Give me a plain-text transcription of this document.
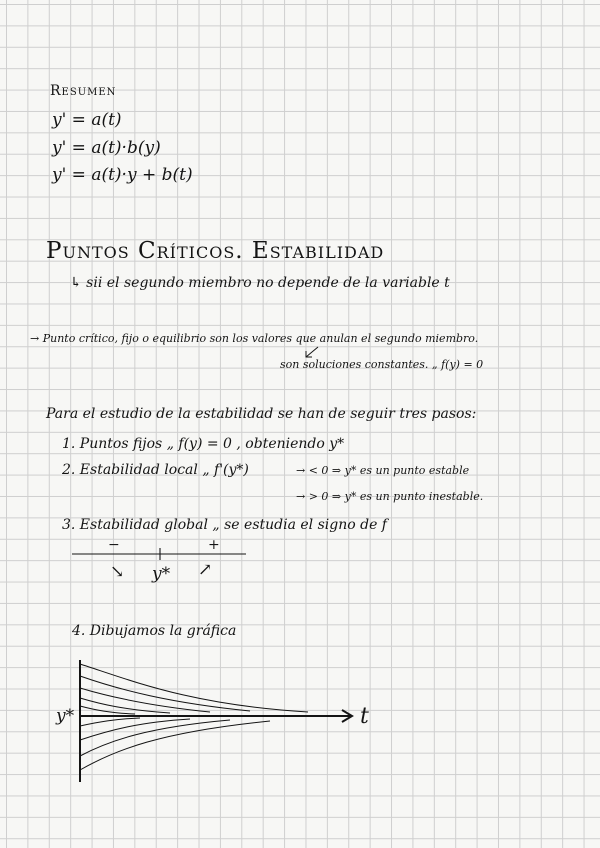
Resumen
y' = a(t)
y' = a(t)·b(y)
y' = a(t)·y + b(t)
Puntos Críticos. Estabilidad
↳ sii el segundo miembro no depende de la variable t
→ Punto crítico, fijo o equilibrio son los valores que anulan el segundo miembro.
son soluciones constantes. „ f(y) = 0
Para el estudio de la estabilidad se han de seguir tres pasos:
1. Puntos fijos „ f(y) = 0 , obteniendo y*
2. Estabilidad local „ f'(y*)	→ < 0 ⇒ y* es un punto estable
→ > 0 ⇒ y* es un punto inestable.
3. Estabilidad global „ se estudia el signo de f
−	+
↘ y* ↗
4. Dibujamos la gráfica
t
y*
